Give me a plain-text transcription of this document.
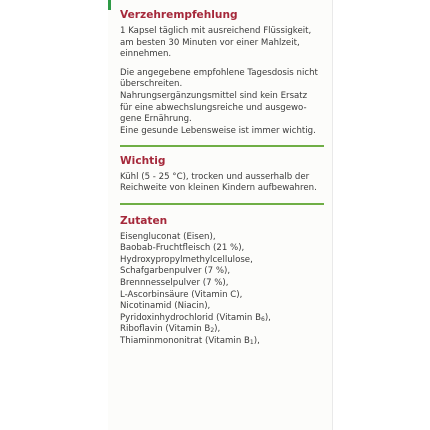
Verzehrempfehlung
1 Kapsel täglich mit ausreichend Flüssigkeit,
am besten 30 Minuten vor einer Mahlzeit,
einnehmen.
Die angegebene empfohlene Tagesdosis nicht
überschreiten.
Nahrungsergänzungsmittel sind kein Ersatz
für eine abwechslungsreiche und ausgewo-
gene Ernährung.
Eine gesunde Lebensweise ist immer wichtig.
Wichtig
Kühl (5 - 25 °C), trocken und ausserhalb der
Reichweite von kleinen Kindern aufbewahren.
Zutaten
Eisengluconat (Eisen),
Baobab-Fruchtfleisch (21 %),
Hydroxypropylmethylcellulose,
Schafgarbenpulver (7 %),
Brennnesselpulver (7 %),
L-Ascorbinsäure (Vitamin C),
Nicotinamid (Niacin),
Pyridoxinhydrochlorid (Vitamin B6),
Riboflavin (Vitamin B2),
Thiaminmononitrat (Vitamin B1),
